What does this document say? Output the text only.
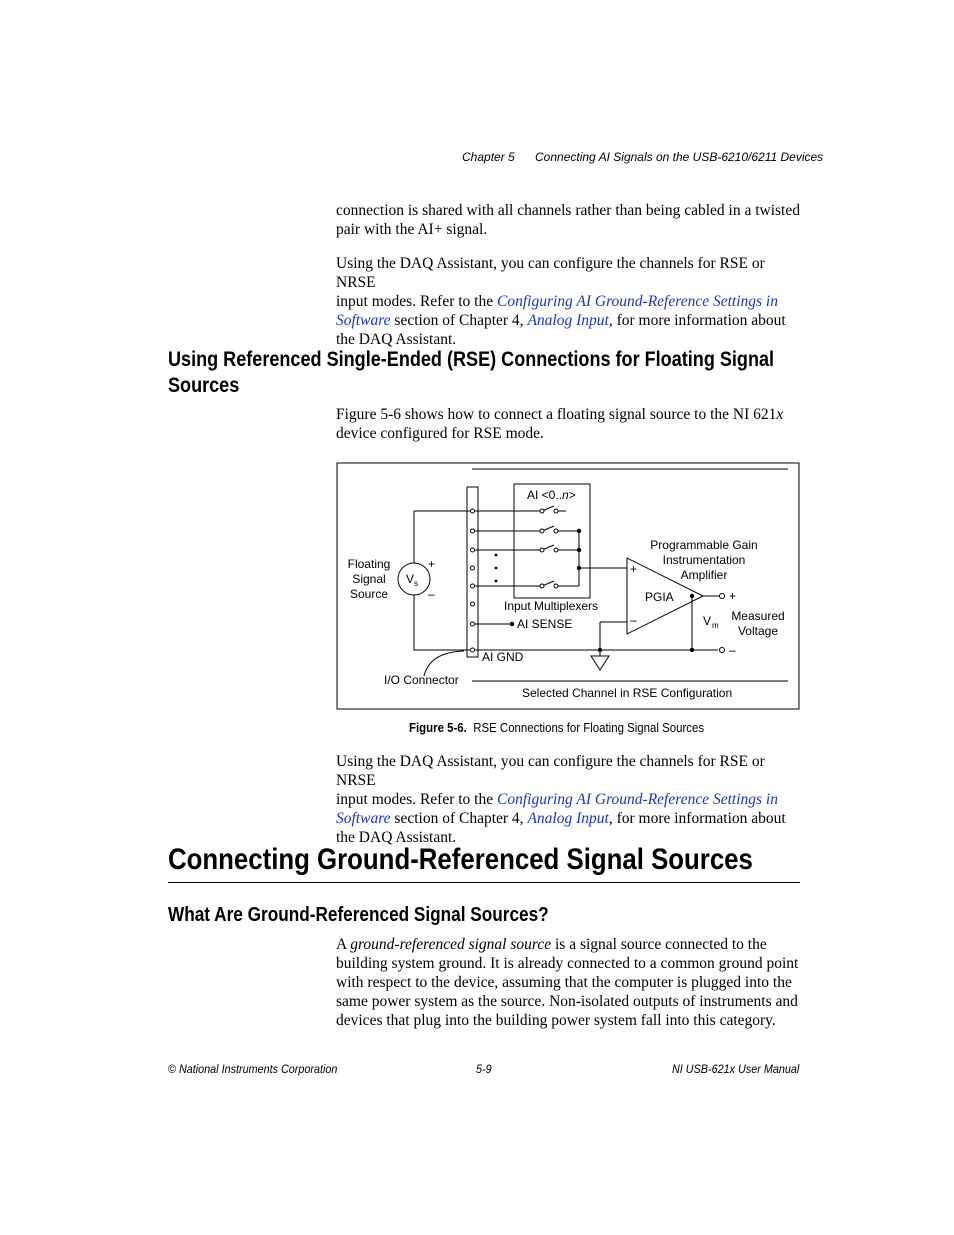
Chapter 5 Connecting AI Signals on the USB-6210/6211 Devices
connection is shared with all channels rather than being cabled in a twisted
pair with the AI+ signal.
Using the DAQ Assistant, you can configure the channels for RSE or NRSE
input modes. Refer to the Configuring AI Ground-Reference Settings in
Software section of Chapter 4, Analog Input, for more information about
the DAQ Assistant.
Using Referenced Single-Ended (RSE) Connections for Floating Signal
Sources
Figure 5-6 shows how to connect a floating signal source to the NI 621x
device configured for RSE mode.
V s
+
–
Floating
Signal
Source
AI <0..n>
Input Multiplexers
AI SENSE
–
AI GND
+
–
PGIA	+
V m
Measured
Voltage
Programmable Gain
Instrumentation
Amplifier
I/O Connector
Selected Channel in RSE Configuration
Figure 5-6. RSE Connections for Floating Signal Sources
Using the DAQ Assistant, you can configure the channels for RSE or NRSE
input modes. Refer to the Configuring AI Ground-Reference Settings in
Software section of Chapter 4, Analog Input, for more information about
the DAQ Assistant.
Connecting Ground-Referenced Signal Sources
What Are Ground-Referenced Signal Sources?
A ground-referenced signal source is a signal source connected to the
building system ground. It is already connected to a common ground point
with respect to the device, assuming that the computer is plugged into the
same power system as the source. Non-isolated outputs of instruments and
devices that plug into the building power system fall into this category.
© National Instruments Corporation	5-9	NI USB-621x User Manual
